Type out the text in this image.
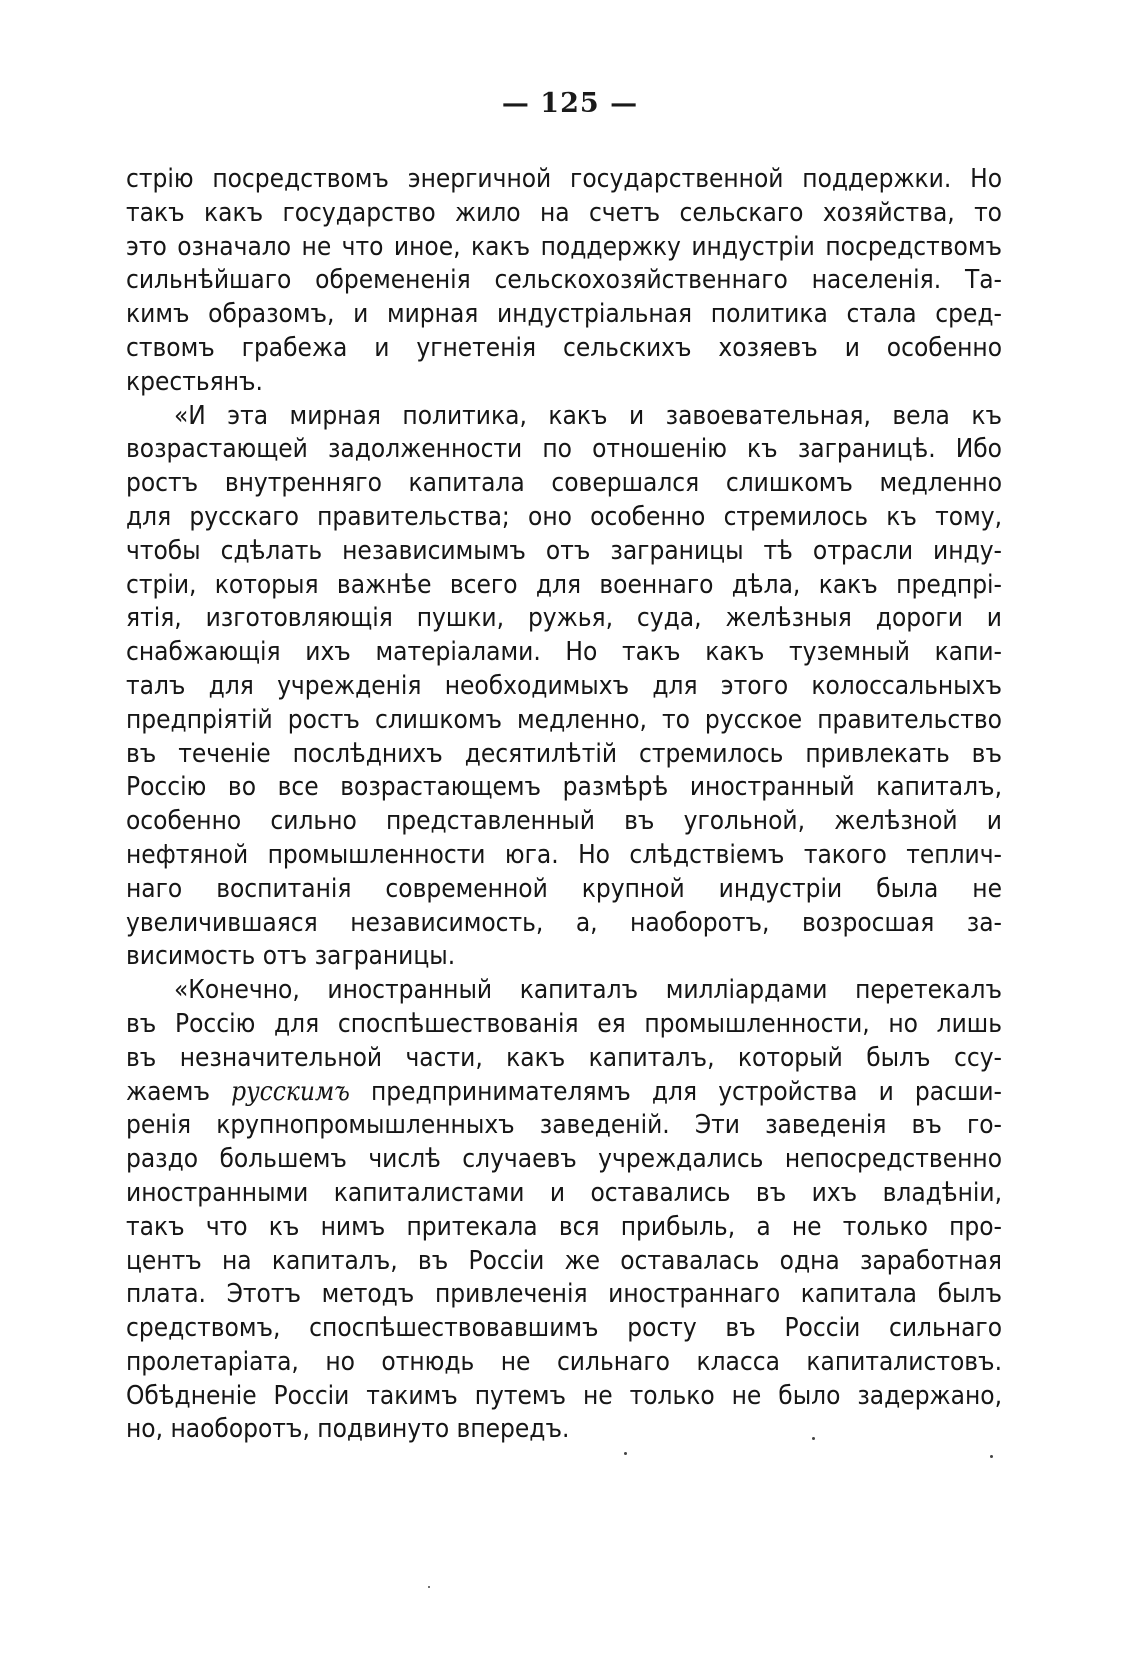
— 125 —
стрію посредствомъ энергичной государственной поддержки. Но
такъ какъ государство жило на счетъ сельскаго хозяйства, то
это означало не что иное, какъ поддержку индустріи посредствомъ
сильнѣйшаго обремененія сельскохозяйственнаго населенія. Та-
кимъ образомъ, и мирная индустріальная политика стала сред-
ствомъ грабежа и угнетенія сельскихъ хозяевъ и особенно
крестьянъ.
«И эта мирная политика, какъ и завоевательная, вела къ
возрастающей задолженности по отношенію къ заграницѣ. Ибо
ростъ внутренняго капитала совершался слишкомъ медленно
для русскаго правительства; оно особенно стремилось къ тому,
чтобы сдѣлать независимымъ отъ заграницы тѣ отрасли инду-
стріи, которыя важнѣе всего для военнаго дѣла, какъ предпрі-
ятія, изготовляющія пушки, ружья, суда, желѣзныя дороги и
снабжающія ихъ матеріалами. Но такъ какъ туземный капи-
талъ для учрежденія необходимыхъ для этого колоссальныхъ
предпріятій ростъ слишкомъ медленно, то русское правительство
въ теченіе послѣднихъ десятилѣтій стремилось привлекать въ
Россію во все возрастающемъ размѣрѣ иностранный капиталъ,
особенно сильно представленный въ угольной, желѣзной и
нефтяной промышленности юга. Но слѣдствіемъ такого теплич-
наго воспитанія современной крупной индустріи была не
увеличившаяся независимость, а, наоборотъ, возросшая за-
висимость отъ заграницы.
«Конечно, иностранный капиталъ милліардами перетекалъ
въ Россію для споспѣшествованія ея промышленности, но лишь
въ незначительной части, какъ капиталъ, который былъ ссу-
жаемъ русскимъ предпринимателямъ для устройства и расши-
ренія крупнопромышленныхъ заведеній. Эти заведенія въ го-
раздо большемъ числѣ случаевъ учреждались непосредственно
иностранными капиталистами и оставались въ ихъ владѣніи,
такъ что къ нимъ притекала вся прибыль, а не только про-
центъ на капиталъ, въ Россіи же оставалась одна заработная
плата. Этотъ методъ привлеченія иностраннаго капитала былъ
средствомъ, споспѣшествовавшимъ росту въ Россіи сильнаго
пролетаріата, но отнюдь не сильнаго класса капиталистовъ.
Обѣдненіе Россіи такимъ путемъ не только не было задержано,
но, наоборотъ, подвинуто впередъ.
